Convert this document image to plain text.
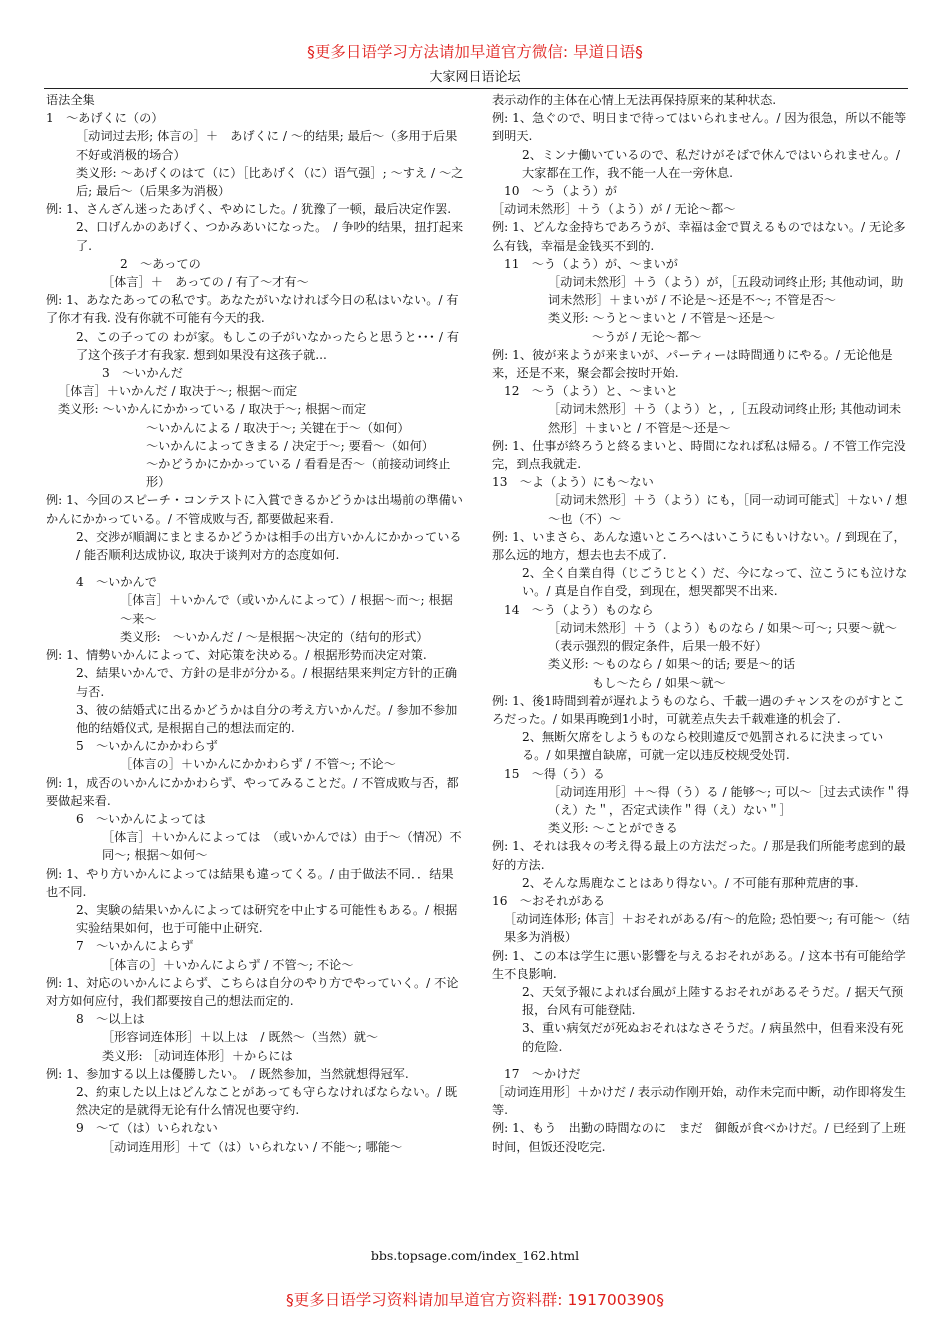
§更多日语学习方法请加早道官方微信: 早道日语§
大家网日语论坛

语法全集

1　～あげくに（の）

［动词过去形; 体言の］＋　あげくに / ～的结果; 最后～（多用于后果不好或消极的场合）

类义形: ～あげくのはて（に）［比あげく（に）语气强］; ～すえ / ～之后; 最后～（后果多为消极）

例: 1、さんざん迷ったあげく、やめにした。/ 犹豫了一顿，最后决定作罢.

2、口げんかのあげく、つかみあいになった。　/ 争吵的结果，扭打起来了.

2　～あっての

［体言］＋　あっての / 有了～才有～

例: 1、あなたあっての私です。あなたがいなければ今日の私はいない。/ 有了你才有我. 没有你就不可能有今天的我.

2、この子っての わが家。もしこの子がいなかったらと思うと･･･ / 有了这个孩子才有我家. 想到如果没有这孩子就...

3　～いかんだ

［体言］＋いかんだ / 取决于～; 根据～而定

类义形: ～いかんにかかっている / 取决于～; 根据～而定

～いかんによる / 取决于～; 关键在于～（如何）

～いかんによってきまる / 决定于～; 要看～（如何）

～かどうかにかかっている / 看看是否～（前接动词终止形）

例: 1、今回のスピーチ・コンテストに入賞できるかどうかは出場前の準備いかんにかかっている。/ 不管成败与否, 都要做起来看.

2、交渉が順調にまとまるかどうかは相手の出方いかんにかかっている / 能否顺利达成协议, 取决于谈判对方的态度如何.

4　～いかんで

［体言］＋いかんで（或いかんによって）/ 根据～而～; 根据～来～

类义形:　～いかんだ / ～是根据～决定的（结句的形式）

例: 1、情勢いかんによって、対応策を決める。/ 根据形势而决定对策.

2、結果いかんで、方針の是非が分かる。/ 根据结果来判定方针的正确与否.

3、彼の結婚式に出るかどうかは自分の考え方いかんだ。/ 参加不参加他的结婚仪式, 是根据自己的想法而定的.

5　～いかんにかかわらず

［体言の］＋いかんにかかわらず / 不管～; 不论～

例: 1，成否のいかんにかかわらず、やってみることだ。/ 不管成败与否，都要做起来看.

6　～いかんによっては

［体言］＋いかんによっては　（或いかんでは）由于～（情况）不同～; 根据～如何～

例: 1、やり方いかんによっては結果も違ってくる。/ 由于做法不同．．结果也不同.

2、実験の結果いかんによっては研究を中止する可能性もある。/ 根据实验结果如何，也于可能中止研究.

7　～いかんによらず

［体言の］＋いかんによらず / 不管～; 不论～

例: 1、対応のいかんによらず、こちらは自分のやり方でやっていく。/ 不论对方如何应付，我们都要按自己的想法而定的.

8　～以上は

［形容词连体形］＋以上は　/ 既然～（当然）就～

类义形: ［动词连体形］＋からには

例: 1、参加する以上は優勝したい。　/ 既然参加，当然就想得冠军.

2、約束した以上はどんなことがあっても守らなければならない。/ 既然决定的是就得无论有什么情况也要守约.

9　～て（は）いられない

［动词连用形］＋て（は）いられない / 不能～; 哪能～

表示动作的主体在心情上无法再保持原来的某种状态.

例: 1、急ぐので、明日まで待ってはいられません。/ 因为很急，所以不能等到明天.

2、ミンナ働いているので、私だけがそばで休んではいられません。/ 大家都在工作，我不能一人在一旁休息.

10　～う（よう）が

［动词未然形］＋う（よう）が / 无论～都～

例: 1、どんな金持ちであろうが、幸福は金で買えるものではない。/ 无论多么有钱，幸福是金钱买不到的.

11　～う（よう）が、～まいが

［动词未然形］＋う（よう）が，［五段动词终止形; 其他动词，助词未然形］＋まいが / 不论是～还是不～; 不管是否～

类义形: ～うと～まいと / 不管是～还是～

～うが / 无论～都～

例: 1、彼が来ようが来まいが、パーティーは時間通りにやる。/ 无论他是来，还是不来，聚会都会按时开始.

12　～う（よう）と、～まいと

［动词未然形］＋う（よう）と，,［五段动词终止形; 其他动词未然形］＋まいと / 不管是～还是～

例: 1、仕事が終ろうと終るまいと、時間になれば私は帰る。/ 不管工作完没完，到点我就走.

13　～よ（よう）にも～ない

［动词未然形］＋う（よう）にも，［同一动词可能式］＋ない / 想～也（不）～

例: 1、いまさら、あんな遠いところへはいこうにもいけない。/ 到现在了，那么远的地方，想去也去不成了.

2、全く自業自得（じごうじとく）だ、今になって、泣こうにも泣けない。/ 真是自作自受，到现在，想哭都哭不出来.

14　～う（よう）ものなら

［动词未然形］＋う（よう）ものなら / 如果～可～; 只要～就～（表示强烈的假定条件，后果一般不好）

类义形: ～ものなら / 如果～的话; 要是～的话

もし～たら / 如果～就～

例: 1、後1時間到着が遅れようものなら、千載一遇のチャンスをのがすところだった。/ 如果再晚到1小时，可就差点失去千载难逢的机会了.

2、無断欠席をしようものなら校則違反で処罰されるに決まっている。/ 如果擅自缺席，可就一定以违反校规受处罚.

15　～得（う）る

［动词连用形］＋～得（う）る / 能够～; 可以～［过去式读作＂得（え）た＂，否定式读作＂得（え）ない＂］

类义形: ～ことができる

例: 1、それは我々の考え得る最上の方法だった。/ 那是我们所能考虑到的最好的方法.

2、そんな馬鹿なことはあり得ない。/ 不可能有那种荒唐的事.

16　～おそれがある

［动词连体形; 体言］＋おそれがある/有～的危险; 恐怕要～; 有可能～（结果多为消极）

例: 1、この本は学生に悪い影響を与えるおそれがある。/ 这本书有可能给学生不良影响.

2、天気予報によれば台風が上陸するおそれがあるそうだ。/ 据天气预报，台风有可能登陆.

3、重い病気だが死ぬおそれはなさそうだ。/ 病虽然中，但看来没有死的危险.

17　～かけだ

［动词连用形］＋かけだ / 表示动作刚开始，动作未完而中断，动作即将发生等.

例: 1、もう　出勤の時間なのに　まだ　御飯が食べかけだ。/ 已经到了上班时间，但饭还没吃完.

bbs.topsage.com/index_162.html
§更多日语学习资料请加早道官方资料群: 191700390§
